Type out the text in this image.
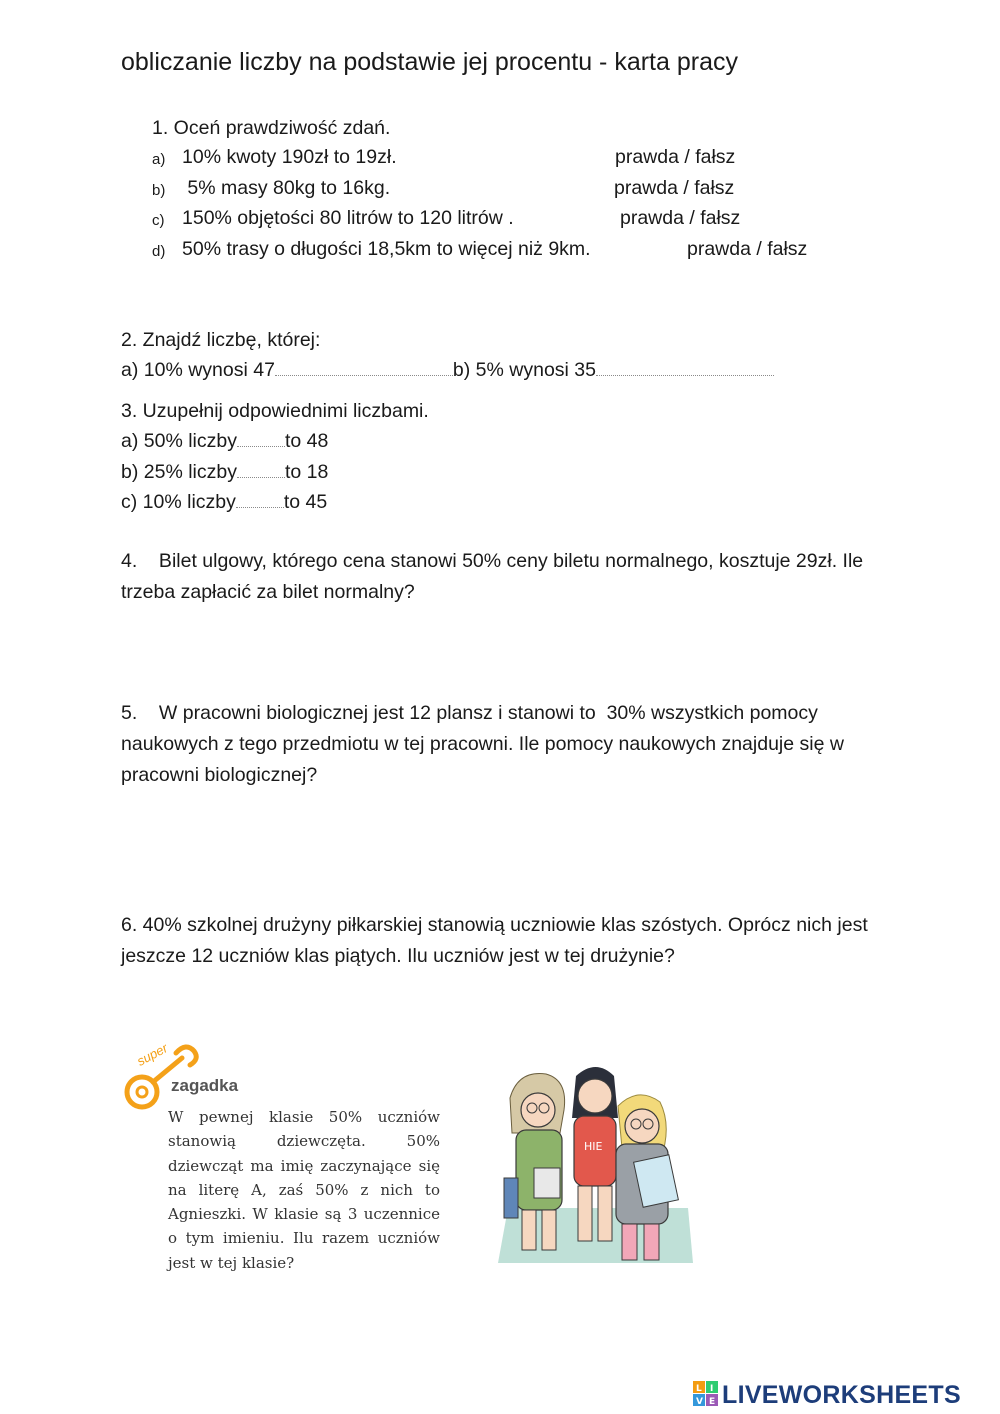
obliczanie liczby na podstawie jej procentu - karta pracy
1. Oceń prawdziwość zdań.
a) 10% kwoty 190zł to 19zł.	prawda / fałsz
b) 5% masy 80kg to 16kg.	prawda / fałsz
c) 150% objętości 80 litrów to 120 litrów .	prawda / fałsz
d) 50% trasy o długości 18,5km to więcej niż 9km.	prawda / fałsz
2. Znajdź liczbę, której:
a) 10% wynosi 47	b) 5% wynosi 35
3. Uzupełnij odpowiednimi liczbami.
a) 50% liczby to 48
b) 25% liczby to 18
c) 10% liczby to 45
4.    Bilet ulgowy, którego cena stanowi 50% ceny biletu normalnego, kosztuje 29zł. Ile trzeba zapłacić za bilet normalny?
5.    W pracowni biologicznej jest 12 plansz i stanowi to  30% wszystkich pomocy naukowych z tego przedmiotu w tej pracowni. Ile pomocy naukowych znajduje się w pracowni biologicznej?
6. 40% szkolnej drużyny piłkarskiej stanowią uczniowie klas szóstych. Oprócz nich jest jeszcze 12 uczniów klas piątych. Ilu uczniów jest w tej drużynie?
super
zagadka
W pewnej klasie 50% uczniów stanowią dziewczęta. 50% dziewcząt ma imię zaczynające się na literę A, zaś 50% z nich to Agnieszki. W klasie są 3 uczennice o tym imieniu. Ilu razem uczniów jest w tej klasie?
HIE
L I
V E LIVEWORKSHEETS
